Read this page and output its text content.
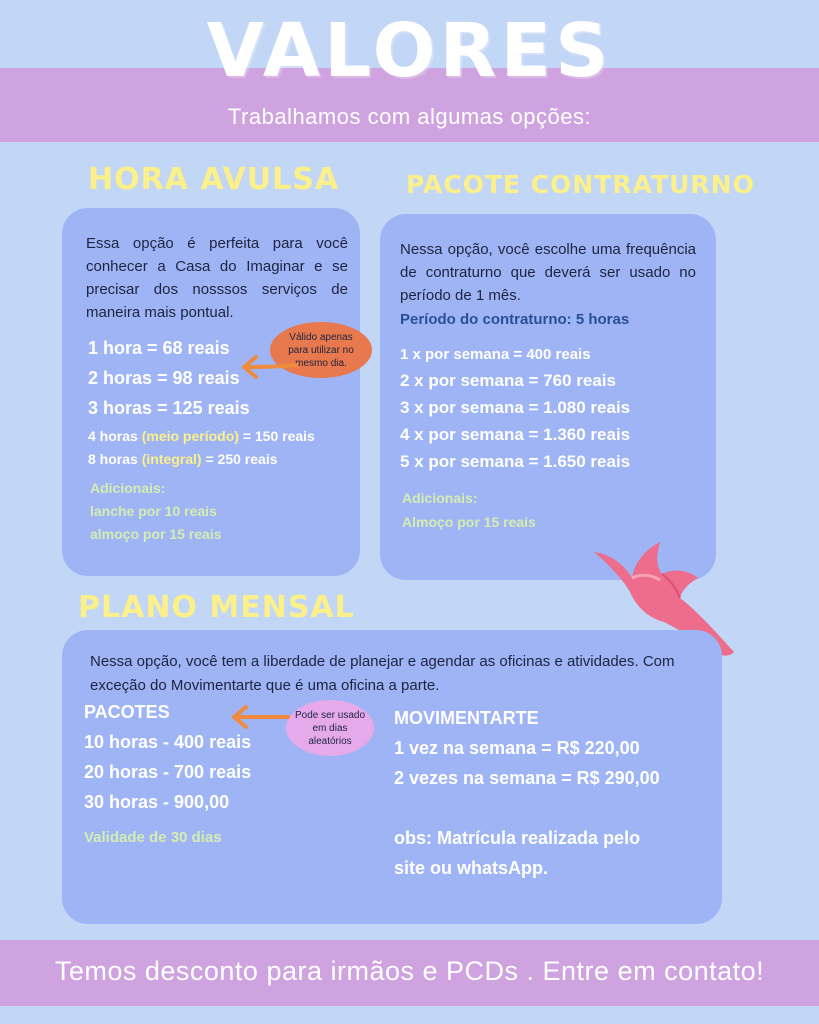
VALORES
Trabalhamos com algumas opções:
HORA AVULSA
Essa opção é perfeita para você conhecer a Casa do Imaginar e se precisar dos nosssos serviços de maneira mais pontual.
1 hora = 68 reais
2 horas = 98 reais
3 horas = 125 reais
4 horas (meio período) = 150 reais
8 horas (integral) = 250 reais
Adicionais:
lanche por 10 reais
almoço por 15 reais
Válido apenas para utilizar no mesmo dia.
PACOTE CONTRATURNO
Nessa opção, você escolhe uma frequência de contraturno que deverá ser usado no período de 1 mês.
Período do contraturno: 5 horas
1 x por semana = 400 reais
2 x por semana = 760 reais
3 x por semana = 1.080 reais
4 x por semana = 1.360 reais
5 x por semana = 1.650 reais
Adicionais:
Almoço por 15 reais
PLANO MENSAL
Nessa opção, você tem a liberdade de planejar e agendar as oficinas e atividades. Com exceção do Movimentarte que é uma oficina a parte.
PACOTES
10 horas - 400 reais
20 horas - 700 reais
30 horas - 900,00
Validade de 30 dias
MOVIMENTARTE
1 vez na semana = R$ 220,00
2 vezes na semana = R$ 290,00
obs: Matrícula realizada pelo
site ou whatsApp.
Pode ser usado em dias aleatórios
Temos desconto para irmãos e PCDs . Entre em contato!
